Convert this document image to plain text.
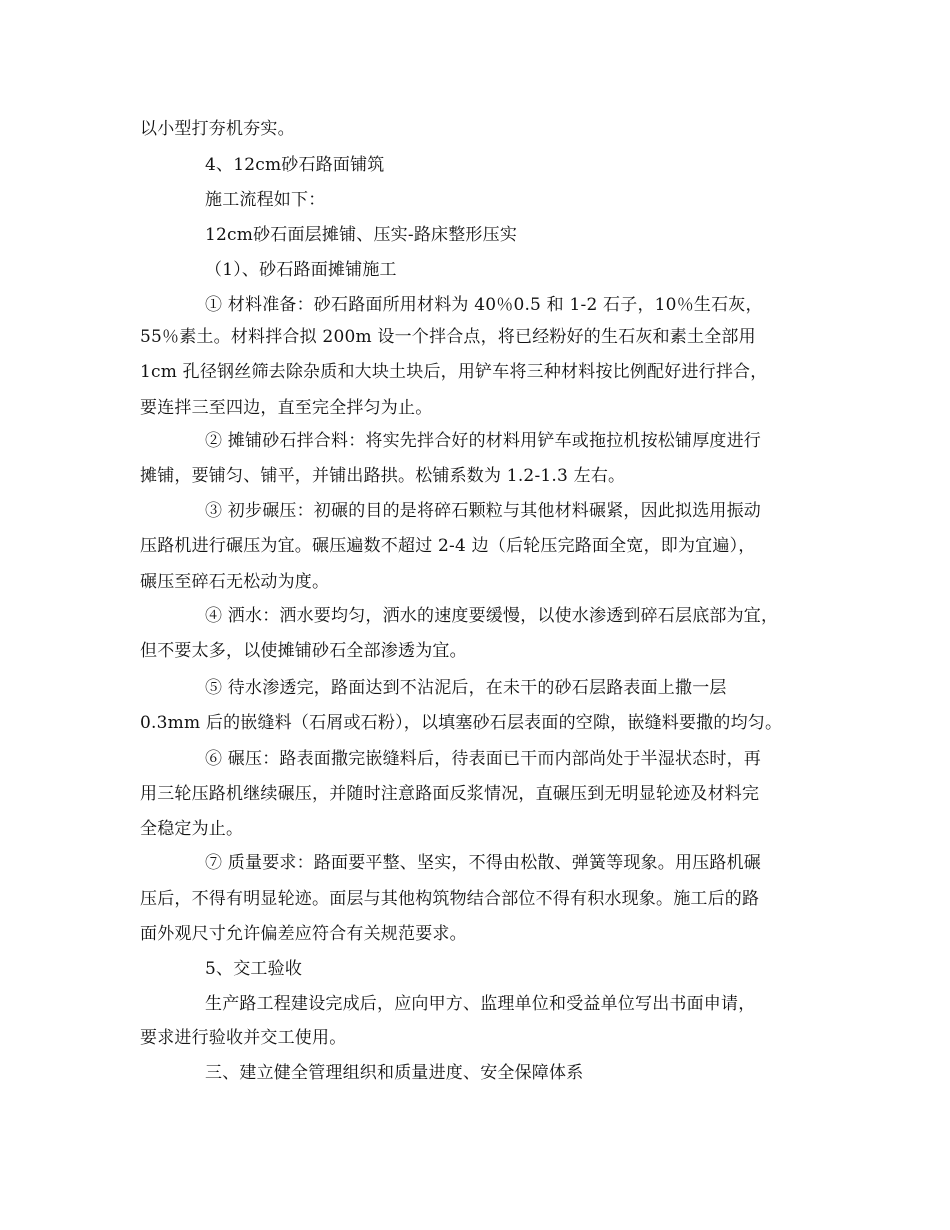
以小型打夯机夯实。
4、12cm砂石路面铺筑
施工流程如下：
12cm砂石面层摊铺、压实-路床整形压实
（1）、砂石路面摊铺施工
① 材料准备：砂石路面所用材料为 40％0.5 和 1-2 石子，10％生石灰，
55％素土。材料拌合拟 200m 设一个拌合点，将已经粉好的生石灰和素土全部用
1cm 孔径钢丝筛去除杂质和大块土块后，用铲车将三种材料按比例配好进行拌合，
要连拌三至四边，直至完全拌匀为止。
② 摊铺砂石拌合料：将实先拌合好的材料用铲车或拖拉机按松铺厚度进行
摊铺，要铺匀、铺平，并铺出路拱。松铺系数为 1.2-1.3 左右。
③ 初步碾压：初碾的目的是将碎石颗粒与其他材料碾紧，因此拟选用振动
压路机进行碾压为宜。碾压遍数不超过 2-4 边（后轮压完路面全宽，即为宜遍），
碾压至碎石无松动为度。
④ 洒水：洒水要均匀，洒水的速度要缓慢，以使水渗透到碎石层底部为宜，
但不要太多，以使摊铺砂石全部渗透为宜。
⑤ 待水渗透完，路面达到不沾泥后，在未干的砂石层路表面上撒一层
0.3mm 后的嵌缝料（石屑或石粉），以填塞砂石层表面的空隙，嵌缝料要撒的均匀。
⑥ 碾压：路表面撒完嵌缝料后，待表面已干而内部尚处于半湿状态时，再
用三轮压路机继续碾压，并随时注意路面反浆情况，直碾压到无明显轮迹及材料完
全稳定为止。
⑦ 质量要求：路面要平整、坚实，不得由松散、弹簧等现象。用压路机碾
压后，不得有明显轮迹。面层与其他构筑物结合部位不得有积水现象。施工后的路
面外观尺寸允许偏差应符合有关规范要求。
5、交工验收
生产路工程建设完成后，应向甲方、监理单位和受益单位写出书面申请，
要求进行验收并交工使用。
三、建立健全管理组织和质量进度、安全保障体系
